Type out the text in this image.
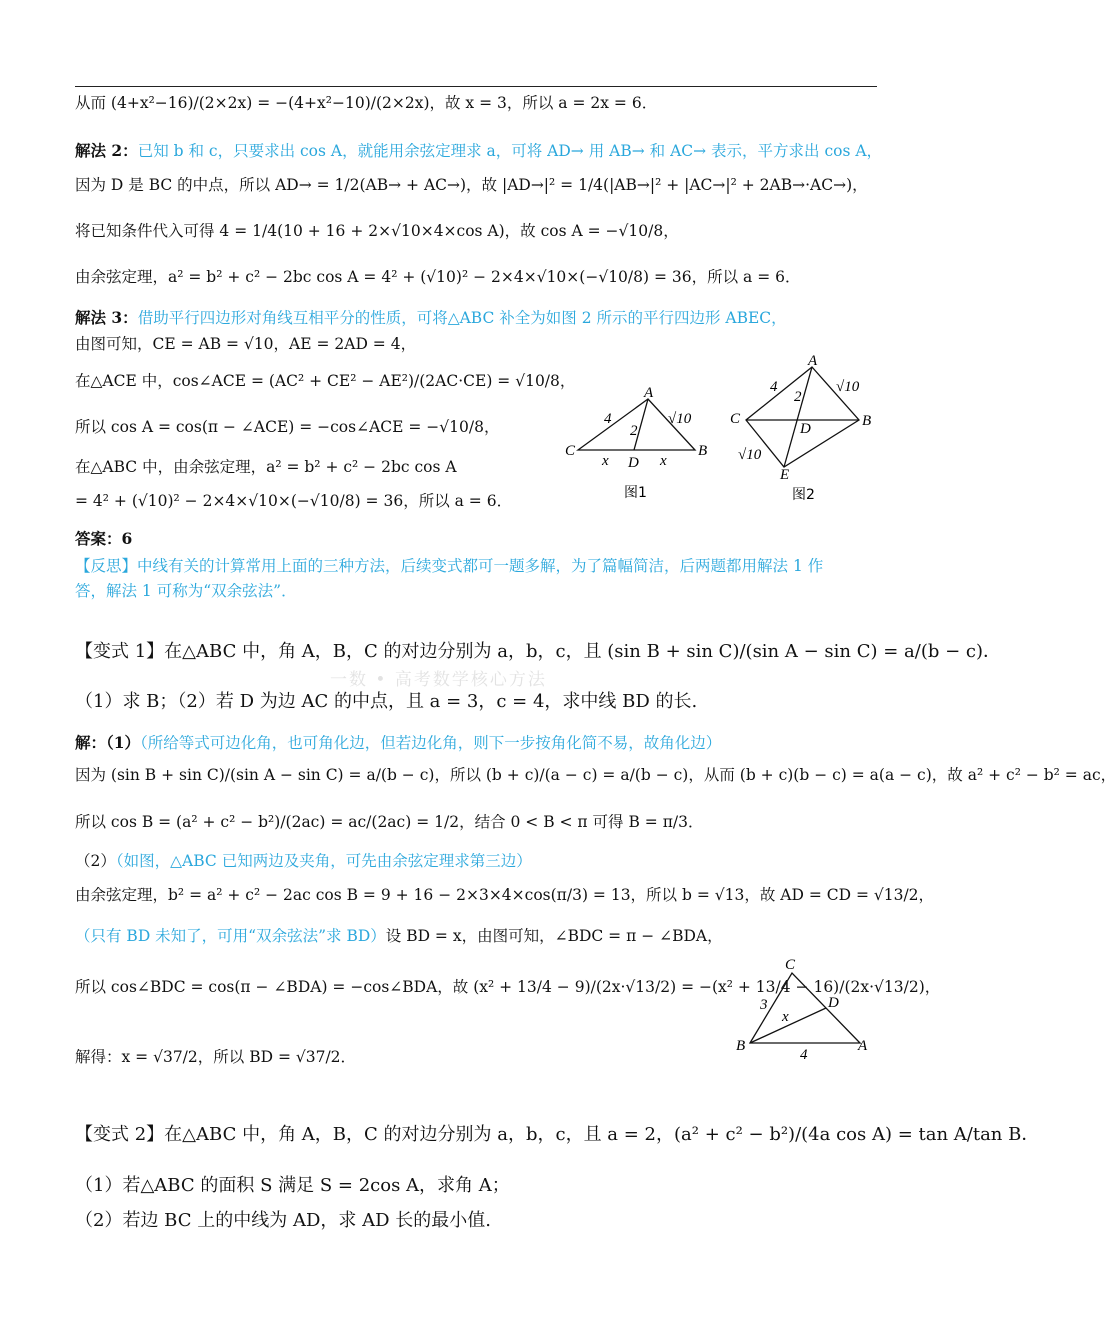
从而 (4+x²−16)/(2×2x) = −(4+x²−10)/(2×2x)，故 x = 3，所以 a = 2x = 6．
解法 2：已知 b 和 c，只要求出 cos A，就能用余弦定理求 a，可将 AD→ 用 AB→ 和 AC→ 表示，平方求出 cos A，
因为 D 是 BC 的中点，所以 AD→ = 1/2(AB→ + AC→)，故 |AD→|² = 1/4(|AB→|² + |AC→|² + 2AB→·AC→)，
将已知条件代入可得 4 = 1/4(10 + 16 + 2×√10×4×cos A)，故 cos A = −√10/8，
由余弦定理，a² = b² + c² − 2bc cos A = 4² + (√10)² − 2×4×√10×(−√10/8) = 36，所以 a = 6．
解法 3：借助平行四边形对角线互相平分的性质，可将△ABC 补全为如图 2 所示的平行四边形 ABEC，
由图可知，CE = AB = √10，AE = 2AD = 4，
在△ACE 中，cos∠ACE = (AC² + CE² − AE²)/(2AC·CE) = √10/8，
所以 cos A = cos(π − ∠ACE) = −cos∠ACE = −√10/8，
在△ABC 中，由余弦定理，a² = b² + c² − 2bc cos A
= 4² + (√10)² − 2×4×√10×(−√10/8) = 36，所以 a = 6．
答案：6
【反思】中线有关的计算常用上面的三种方法，后续变式都可一题多解，为了篇幅简洁，后两题都用解法 1 作
答，解法 1 可称为“双余弦法”．
一数 • 高考数学核心方法
【变式 1】在△ABC 中，角 A，B，C 的对边分别为 a，b，c，且 (sin B + sin C)/(sin A − sin C) = a/(b − c)．
（1）求 B；（2）若 D 为边 AC 的中点，且 a = 3，c = 4，求中线 BD 的长.
解：（1）（所给等式可边化角，也可角化边，但若边化角，则下一步按角化简不易，故角化边）
因为 (sin B + sin C)/(sin A − sin C) = a/(b − c)，所以 (b + c)/(a − c) = a/(b − c)，从而 (b + c)(b − c) = a(a − c)，故 a² + c² − b² = ac，
所以 cos B = (a² + c² − b²)/(2ac) = ac/(2ac) = 1/2，结合 0 < B < π 可得 B = π/3．
（2）（如图，△ABC 已知两边及夹角，可先由余弦定理求第三边）
由余弦定理，b² = a² + c² − 2ac cos B = 9 + 16 − 2×3×4×cos(π/3) = 13，所以 b = √13，故 AD = CD = √13/2，
（只有 BD 未知了，可用“双余弦法”求 BD）设 BD = x，由图可知，∠BDC = π − ∠BDA，
所以 cos∠BDC = cos(π − ∠BDA) = −cos∠BDA，故 (x² + 13/4 − 9)/(2x·√13/2) = −(x² + 13/4 − 16)/(2x·√13/2)，
解得：x = √37/2，所以 BD = √37/2．
【变式 2】在△ABC 中，角 A，B，C 的对边分别为 a，b，c，且 a = 2，(a² + c² − b²)/(4a cos A) = tan A/tan B．
（1）若△ABC 的面积 S 满足 S = 2cos A，求角 A；
（2）若边 BC 上的中线为 AD，求 AD 长的最小值.
A
B
C
D
4	√10
2
x	x
图1
A
B
C
D
E
4	√10
2
√10
图2
A
B
C
D
3
4
x
